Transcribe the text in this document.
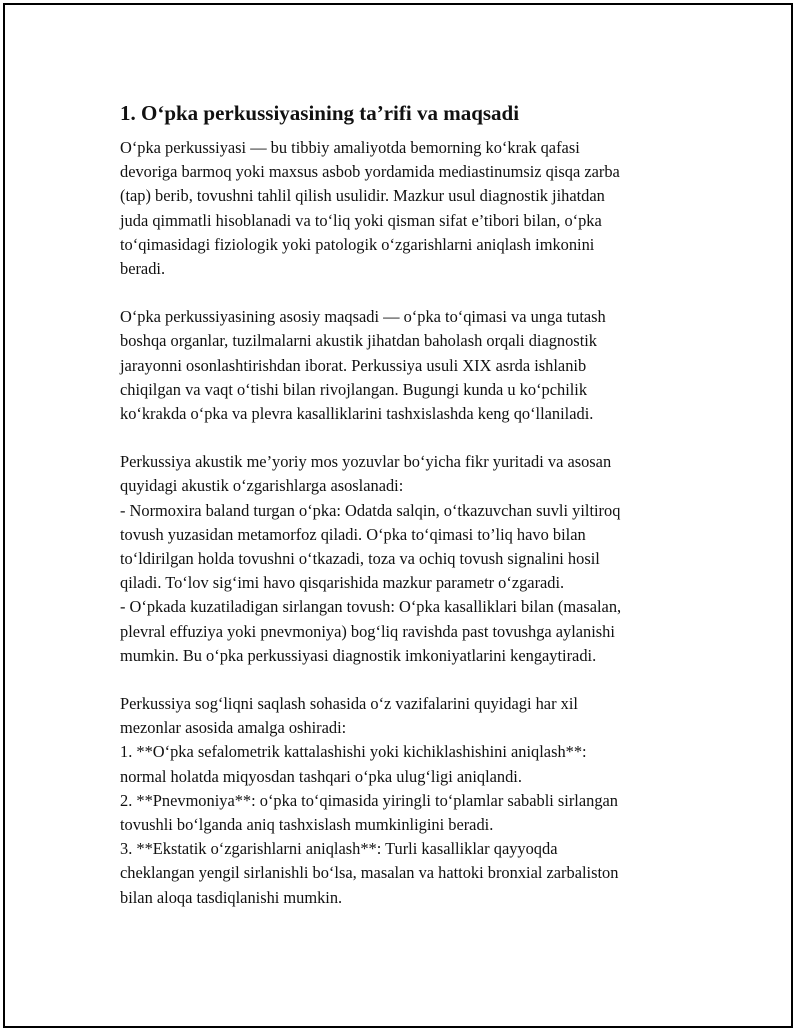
1. O‘pka perkussiyasining ta’rifi va maqsadi

O‘pka perkussiyasi — bu tibbiy amaliyotda bemorning ko‘krak qafasi
devoriga barmoq yoki maxsus asbob yordamida mediastinumsiz qisqa zarba
(tap) berib, tovushni tahlil qilish usulidir. Mazkur usul diagnostik jihatdan
juda qimmatli hisoblanadi va to‘liq yoki qisman sifat e’tibori bilan, o‘pka
to‘qimasidagi fiziologik yoki patologik o‘zgarishlarni aniqlash imkonini
beradi.

O‘pka perkussiyasining asosiy maqsadi — o‘pka to‘qimasi va unga tutash
boshqa organlar, tuzilmalarni akustik jihatdan baholash orqali diagnostik
jarayonni osonlashtirishdan iborat. Perkussiya usuli XIX asrda ishlanib
chiqilgan va vaqt o‘tishi bilan rivojlangan. Bugungi kunda u ko‘pchilik
ko‘krakda o‘pka va plevra kasalliklarini tashxislashda keng qo‘llaniladi.

Perkussiya akustik me’yoriy mos yozuvlar bo‘yicha fikr yuritadi va asosan
quyidagi akustik o‘zgarishlarga asoslanadi:
- Normoxira baland turgan o‘pka: Odatda salqin, o‘tkazuvchan suvli yiltiroq
tovush yuzasidan metamorfoz qiladi. O‘pka to‘qimasi to’liq havo bilan
to‘ldirilgan holda tovushni o‘tkazadi, toza va ochiq tovush signalini hosil
qiladi. To‘lov sig‘imi havo qisqarishida mazkur parametr o‘zgaradi.
- O‘pkada kuzatiladigan sirlangan tovush: O‘pka kasalliklari bilan (masalan,
plevral effuziya yoki pnevmoniya) bog‘liq ravishda past tovushga aylanishi
mumkin. Bu o‘pka perkussiyasi diagnostik imkoniyatlarini kengaytiradi.

Perkussiya sog‘liqni saqlash sohasida o‘z vazifalarini quyidagi har xil
mezonlar asosida amalga oshiradi:
1. **O‘pka sefalometrik kattalashishi yoki kichiklashishini aniqlash**:
normal holatda miqyosdan tashqari o‘pka ulug‘ligi aniqlandi.
2. **Pnevmoniya**: o‘pka to‘qimasida yiringli to‘plamlar sababli sirlangan
tovushli bo‘lganda aniq tashxislash mumkinligini beradi.
3. **Ekstatik o‘zgarishlarni aniqlash**: Turli kasalliklar qayyoqda
cheklangan yengil sirlanishli bo‘lsa, masalan va hattoki bronxial zarbaliston
bilan aloqa tasdiqlanishi mumkin.
